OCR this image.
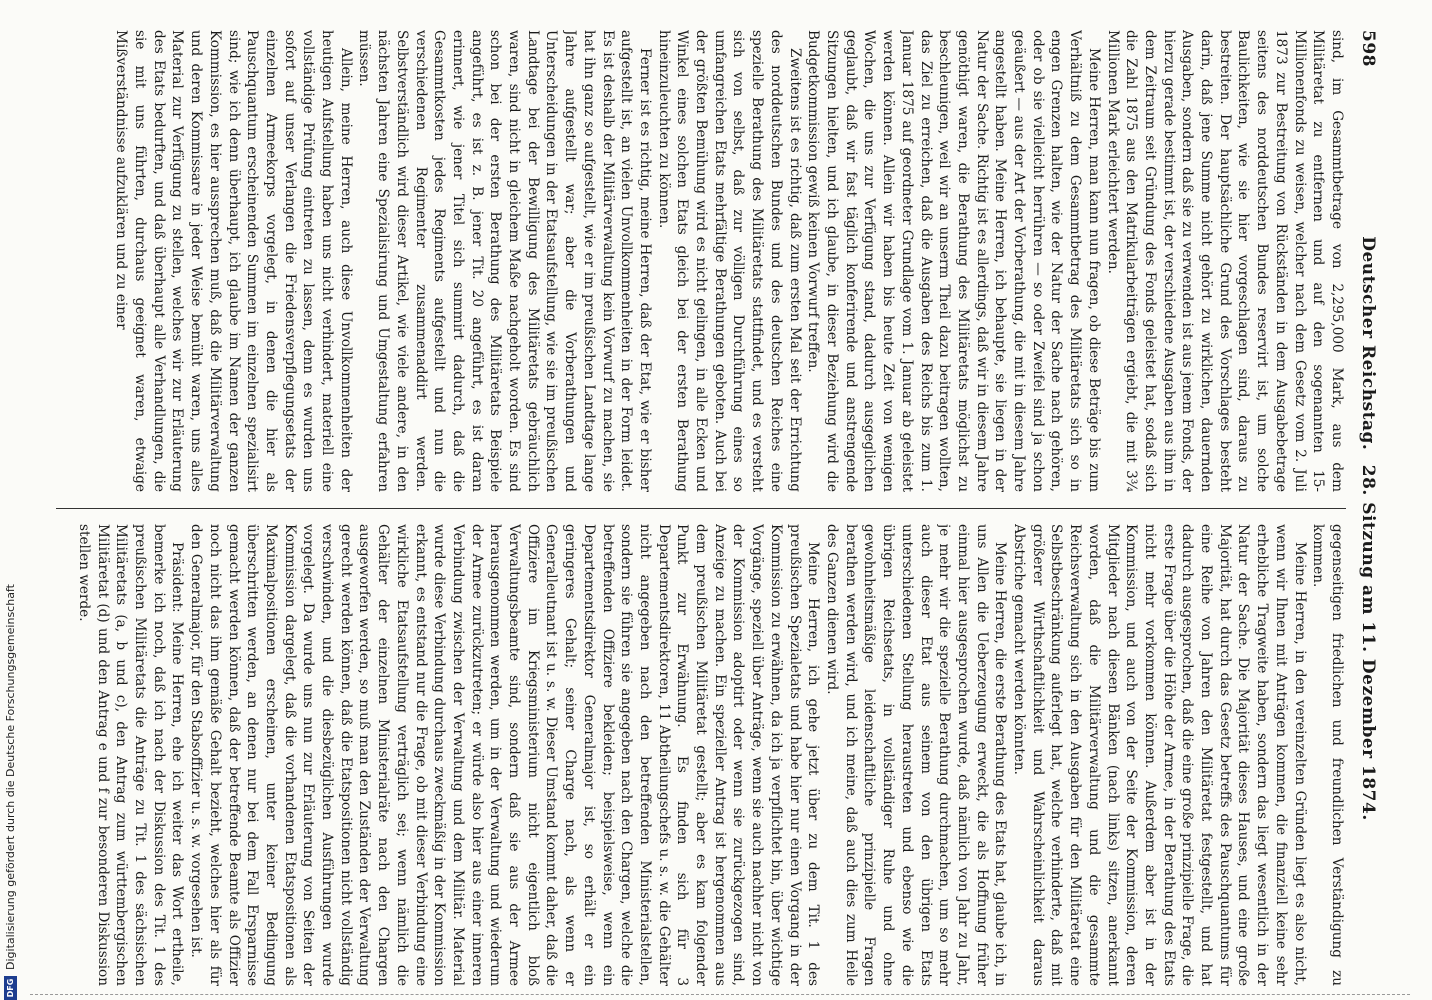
598
Deutscher Reichstag. 28. Sitzung am 11. Dezember 1874.

sind, im Gesammtbetrage von 2,295,000 Mark, aus dem Militäretat zu entfernen und auf den sogenannten 15-Millionenfonds zu weisen, welcher nach dem Gesetz vom 2. Juli 1873 zur Bestreitung von Rückständen in dem Ausgabebetrage seitens des norddeutschen Bundes reservirt ist, um solche Baulichkeiten, wie sie hier vorgeschlagen sind, daraus zu bestreiten. Der hauptsächliche Grund des Vorschlages besteht darin, daß jene Summe nicht gehört zu wirklichen, dauernden Ausgaben, sondern daß sie zu verwenden ist aus jenem Fonds, der hierzu gerade bestimmt ist, der verschiedene Ausgaben aus ihm in dem Zeitraum seit Gründung des Fonds geleistet hat, sodaß sich die Zahl 1875 aus den Matrikularbeiträgen ergiebt, die mit 3¾ Millionen Mark erleichtert werden.

Meine Herren, man kann nun fragen, ob diese Beträge bis zum Verhältniß zu dem Gesammtbetrag des Militäretats sich so in engen Grenzen halten, wie der Natur der Sache nach gehören, oder ob sie vielleicht herrühren — so oder Zweifel sind ja schon geäußert — aus der Art der Vorberathung, die mit in diesem Jahre angestellt haben. Meine Herren, ich behaupte, sie liegen in der Natur der Sache. Richtig ist es allerdings, daß wir in diesem Jahre genöthigt waren, die Berathung des Militäretats möglichst zu beschleunigen, weil wir an unserm Theil dazu beitragen wollten, das Ziel zu erreichen, daß die Ausgaben des Reichs bis zum 1. Januar 1875 auf geordneter Grundlage vom 1. Januar ab geleistet werden können. Allein wir haben bis heute Zeit von wenigen Wochen, die uns zur Verfügung stand, dadurch ausgeglichen geglaubt, daß wir fast täglich konferirende und anstrengende Sitzungen hielten, und ich glaube, in dieser Beziehung wird die Budgetkommission gewiß keinen Vorwurf treffen.

Zweitens ist es richtig, daß zum ersten Mal seit der Errichtung des norddeutschen Bundes und des deutschen Reiches eine spezielle Berathung des Militäretats stattfindet, und es versteht sich von selbst, daß zur völligen Durchführung eines so umfangreichen Etats mehrfältige Berathungen geboten. Auch bei der größten Bemühung wird es nicht gelingen, in alle Ecken und Winkel eines solchen Etats gleich bei der ersten Berathung hineinzuleuchten zu können.

Ferner ist es richtig, meine Herren, daß der Etat, wie er bisher aufgestellt ist, an vielen Unvollkommenheiten in der Form leidet. Es ist deshalb der Militärverwaltung kein Vorwurf zu machen, sie hat ihn ganz so aufgestellt, wie er im preußischen Landtage lange Jahre aufgestellt war; aber die Vorberathungen und Unterscheidungen in der Etatsaufstellung, wie sie im preußischen Landtage bei der Bewilligung des Militäretats gebräuchlich waren, sind nicht in gleichem Maße nachgeholt worden. Es sind schon bei der ersten Berathung des Militäretats Beispiele angeführt, es ist z. B. jener Tit. 20 angeführt, es ist daran erinnert, wie jener Titel sich summirt dadurch, daß die Gesammtkosten jedes Regiments aufgestellt und nun die verschiedenen Regimenter zusammenaddirt werden. Selbstverständlich wird dieser Artikel, wie viele andere, in den nächsten Jahren eine Spezialisirung und Umgestaltung erfahren müssen.

Allein, meine Herren, auch diese Unvollkommenheiten der heutigen Aufstellung haben uns nicht verhindert, materiell eine vollständige Prüfung eintreten zu lassen, denn es wurden uns sofort auf unser Verlangen die Friedensverpflegungsetats der einzelnen Armeekorps vorgelegt, in denen die hier als Pauschquantum erscheinenden Summen im einzelnen spezialisirt sind; wie ich denn überhaupt, ich glaube im Namen der ganzen Kommission, es hier aussprechen muß, daß die Militärverwaltung und deren Kommissare in jeder Weise bemüht waren, uns alles Material zur Verfügung zu stellen, welches wir zur Erläuterung des Etats bedurften, und daß überhaupt alle Verhandlungen, die sie mit uns führten, durchaus geeignet waren, etwaige Mißverständnisse aufzuklären und zu einer

gegenseitigen friedlichen und freundlichen Verständigung zu kommen.

Meine Herren, in den vereinzelten Gründen liegt es also nicht, wenn wir Ihnen mit Anträgen kommen, die finanziell keine sehr erhebliche Tragweite haben, sondern das liegt wesentlich in der Natur der Sache. Die Majorität dieses Hauses, und eine große Majorität, hat durch das Gesetz betreffs des Pauschquantums für eine Reihe von Jahren den Militäretat festgestellt, und hat dadurch ausgesprochen, daß die eine große prinzipielle Frage, die erste Frage über die Höhe der Armee, in der Berathung des Etats nicht mehr vorkommen können. Außerdem aber ist in der Kommission, und auch von der Seite der Kommission, deren Mitglieder nach diesen Bänken (nach links) sitzen, anerkannt worden, daß die Militärverwaltung und die gesammte Reichsverwaltung sich in den Ausgaben für den Militäretat eine Selbstbeschränkung auferlegt hat, welche verhinderte, daß mit größerer Wirthschaftlichkeit und Wahrscheinlichkeit daraus Abstriche gemacht werden könnten.

Meine Herren, die erste Berathung des Etats hat, glaube ich, in uns Allen die Ueberzeugung erweckt, die als Hoffnung früher einmal hier ausgesprochen wurde, daß nämlich von Jahr zu Jahr, je mehr wir die spezielle Berathung durchmachen, um so mehr auch dieser Etat aus seinem von den übrigen Etats unterschiedenen Stellung heraustreten und ebenso wie die übrigen Reichsetats, in vollständiger Ruhe und ohne gewohnheitsmäßige leidenschaftliche prinzipielle Fragen berathen werden wird, und ich meine, daß auch dies zum Heile des Ganzen dienen wird.

Meine Herren, ich gehe jetzt über zu dem Tit. 1 des preußischen Spezialetats und habe hier nur einen Vorgang in der Kommission zu erwähnen, da ich ja verpflichtet bin, über wichtige Vorgänge, speziell über Anträge, wenn sie auch nachher nicht von der Kommission adoptirt oder wenn sie zurückgezogen sind, Anzeige zu machen. Ein spezieller Antrag ist hergenommen aus dem preußischen Militäretat gestellt; aber es kam folgender Punkt zur Erwähnung. Es finden sich für 3 Departementsdirektoren, 11 Abtheilungschefs u. s. w. die Gehälter nicht angegeben nach den betreffenden Ministerialstellen, sondern sie führen sie angegeben nach den Chargen, welche die betreffenden Offiziere bekleiden; beispielsweise, wenn ein Departementsdirektor Generalmajor ist, so erhält er ein geringeres Gehalt; seiner Charge nach, als wenn er Generalleutnant ist u. s. w. Dieser Umstand kommt daher, daß die Offiziere im Kriegsministerium nicht eigentlich bloß Verwaltungsbeamte sind, sondern daß sie aus der Armee herausgenommen werden, um in der Verwaltung und wiederum der Armee zurückzutreten; er würde also hier aus einer inneren Verbindung zwischen der Verwaltung und dem Militär. Material wurde diese Verbindung durchaus zweckmäßig in der Kommission erkannt, es entstand nur die Frage, ob mit dieser Verbindung eine wirkliche Etatsaufstellung verträglich sei; wenn nämlich die Gehälter der einzelnen Ministerialräte nach den Chargen ausgeworfen werden, so muß man den Zuständen der Verwaltung gerecht werden können, daß die Etatspositionen nicht vollständig verschwinden, und die diesbezüglichen Ausführungen wurde vorgelegt. Da wurde uns nun zur Erläuterung von Seiten der Kommission dargelegt, daß die vorhandenen Etatspositionen als Maximalpositionen erscheinen, unter keiner Bedingung überschritten werden, an denen nur bei dem Fall Ersparnisse gemacht werden können, daß der betreffende Beamte als Offizier noch nicht das ihm gemäße Gehalt bezieht, welches hier als für den Generalmajor, für den Stabsoffizier u. s. w. vorgesehen ist.

Präsident: Meine Herren, ehe ich weiter das Wort ertheile, bemerke ich noch, daß ich nach der Diskussion des Tit. 1 des preußischen Militäretats die Anträge zu Tit. 1 des sächsischen Militäretats (a, b und c), den Antrag zum württembergischen Militäretat (d) und den Antrag e und f zur besonderen Diskussion stellen werde.

DFG
Digitalisierung gefördert durch die Deutsche Forschungsgemeinschaft
